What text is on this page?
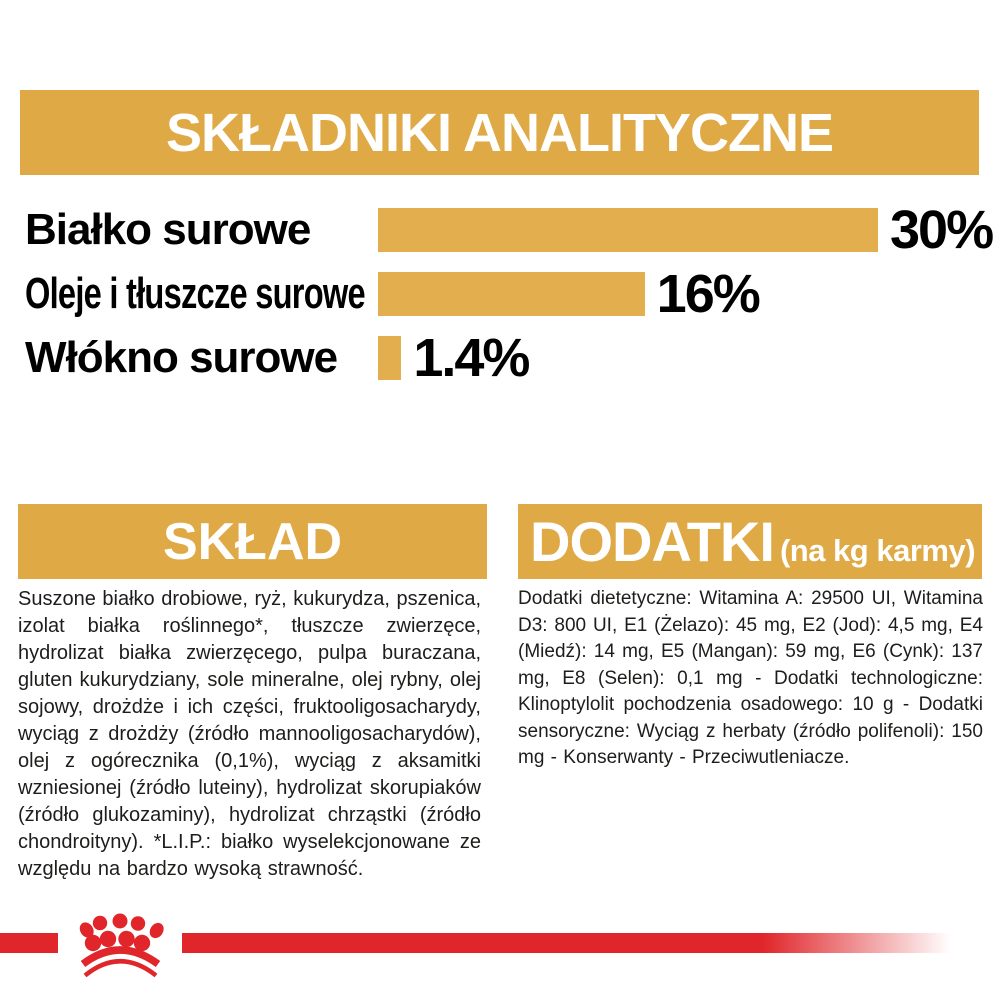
SKŁADNIKI ANALITYCZNE
Białko surowe	30%
Oleje i tłuszcze surowe	16%
Włókno surowe	1.4%
SKŁAD

Suszone białko drobiowe, ryż, kukurydza, pszenica, izolat białka roślinnego*, tłuszcze zwierzęce, hydrolizat białka zwierzęcego, pulpa buraczana, gluten kukurydziany, sole mineralne, olej rybny, olej sojowy, drożdże i ich części, fruktooligosacharydy, wyciąg z drożdży (źródło mannooligosacharydów), olej z ogórecznika (0,1%), wyciąg z aksamitki wzniesionej (źródło luteiny), hydrolizat skorupiaków (źródło glukozaminy), hydrolizat chrząstki (źródło chondroityny). *L.I.P.: białko wyselekcjonowane ze względu na bardzo wysoką strawność.

DODATKI (na kg karmy)

Dodatki dietetyczne: Witamina A: 29500 UI, Witamina D3: 800 UI, E1 (Żelazo): 45 mg, E2 (Jod): 4,5 mg, E4 (Miedź): 14 mg, E5 (Mangan): 59 mg, E6 (Cynk): 137 mg, E8 (Selen): 0,1 mg - Dodatki technologiczne: Klinoptylolit pochodzenia osadowego: 10 g - Dodatki sensoryczne: Wyciąg z herbaty (źródło polifenoli): 150 mg - Konserwanty - Przeciwutleniacze.
